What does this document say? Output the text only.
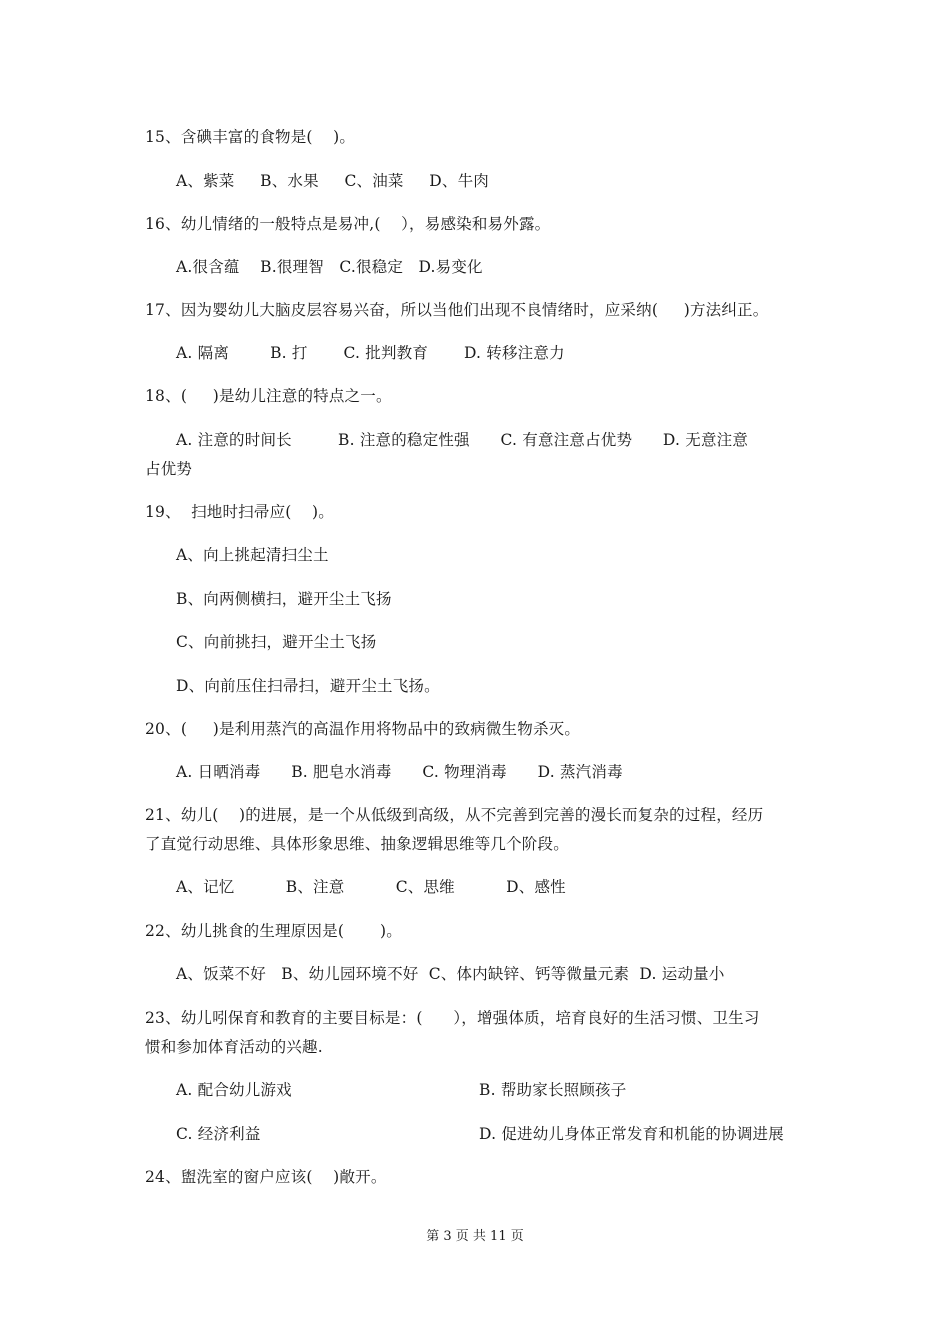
15、含碘丰富的食物是(    )。
A、紫菜     B、水果     C、油菜     D、牛肉
16、幼儿情绪的一般特点是易冲,(    ），易感染和易外露。
A.很含蕴    B.很理智   C.很稳定   D.易变化
17、因为婴幼儿大脑皮层容易兴奋，所以当他们出现不良情绪时，应采纳(     )方法纠正。
A. 隔离        B. 打       C. 批判教育       D. 转移注意力
18、(     )是幼儿注意的特点之一。
A. 注意的时间长         B. 注意的稳定性强      C. 有意注意占优势      D. 无意注意
占优势
19、  扫地时扫帚应(    )。
A、向上挑起清扫尘土
B、向两侧横扫，避开尘土飞扬
C、向前挑扫，避开尘土飞扬
D、向前压住扫帚扫，避开尘土飞扬。
20、(     )是利用蒸汽的高温作用将物品中的致病微生物杀灭。
A. 日晒消毒      B. 肥皂水消毒      C. 物理消毒      D. 蒸汽消毒
21、幼儿(    )的进展，是一个从低级到高级，从不完善到完善的漫长而复杂的过程，经历
了直觉行动思维、具体形象思维、抽象逻辑思维等几个阶段。
A、记忆          B、注意          C、思维          D、感性
22、幼儿挑食的生理原因是(       )。
A、饭菜不好   B、幼儿园环境不好  C、体内缺锌、钙等微量元素  D. 运动量小
23、幼儿吲保育和教育的主要目标是：(      ），增强体质，培育良好的生活习惯、卫生习
惯和参加体育活动的兴趣.
A. 配合幼儿游戏	B. 帮助家长照顾孩子
C. 经济利益	D. 促进幼儿身体正常发育和机能的协调进展
24、盥洗室的窗户应该(    )敞开。
第 3 页 共 11 页
